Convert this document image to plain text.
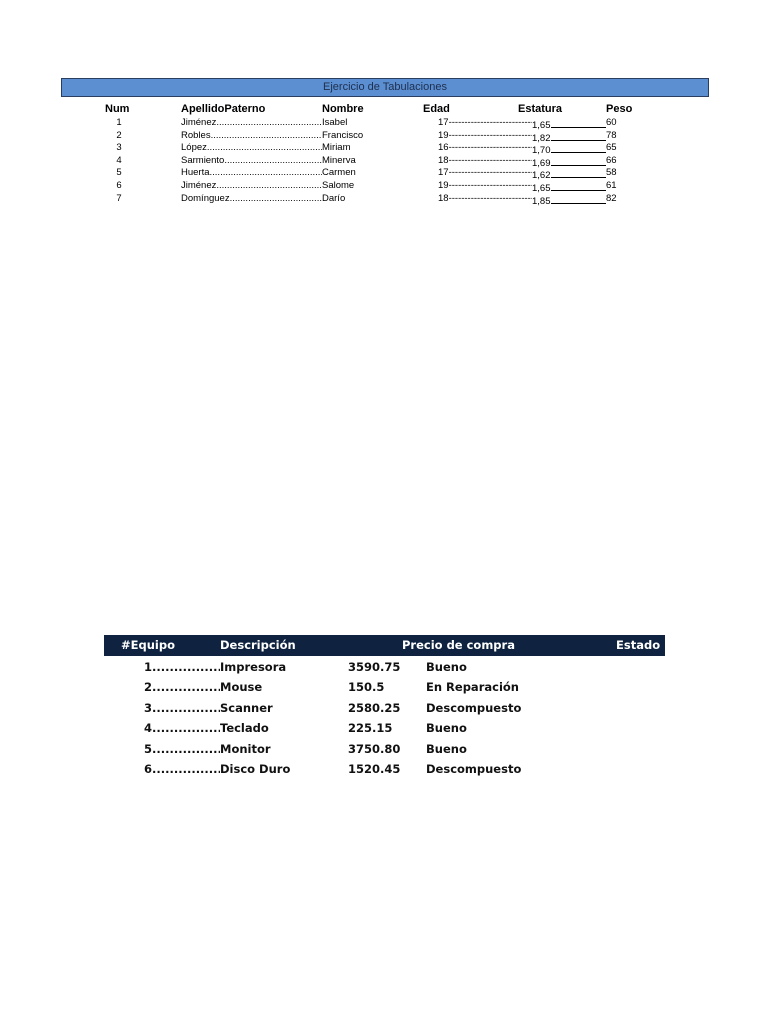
Ejercicio de Tabulaciones
Num	ApellidoPaterno	Nombre	Edad	Estatura	Peso
1	Jiménez .....	Isabel	17 -----	1,65	60
2	Robles .....	Francisco	19 -----	1,82	78
3	López .....	Miriam	16 -----	1,70	65
4	Sarmiento .....	Minerva	18 -----	1,69	66
5	Huerta .....	Carmen	17 -----	1,62	58
6	Jiménez .....	Salome	19 -----	1,65	61
7	Domínguez .....	Darío	18 -----	1,85	82
#Equipo	Descripción	Precio de compra	Estado
1. .....	Impresora	3590.75 Bueno
2. .....	Mouse	150.5	En Reparación
3. .....	Scanner	2580.25 Descompuesto
4. .....	Teclado	225.15	Bueno
5. .....	Monitor	3750.80 Bueno
6. .....	Disco Duro	1520.45 Descompuesto
